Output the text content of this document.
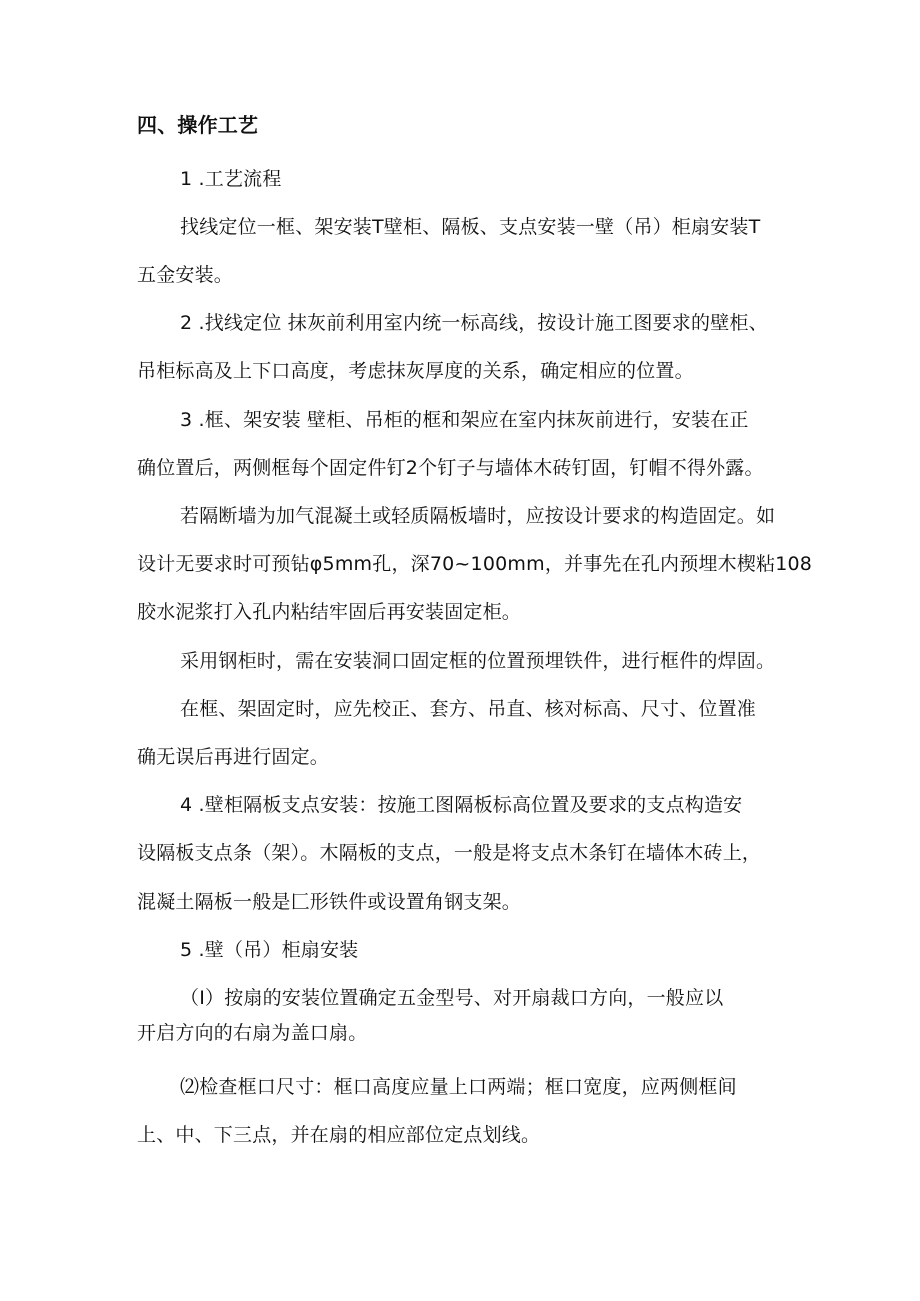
四、操作工艺
1 .工艺流程
找线定位一框、架安装T壁柜、隔板、支点安装一壁（吊）柜扇安装T
五金安装。
2 .找线定位 抹灰前利用室内统一标高线，按设计施工图要求的壁柜、
吊柜标高及上下口高度，考虑抹灰厚度的关系，确定相应的位置。
3 .框、架安装 壁柜、吊柜的框和架应在室内抹灰前进行，安装在正
确位置后，两侧框每个固定件钉2个钉子与墙体木砖钉固，钉帽不得外露。
若隔断墙为加气混凝土或轻质隔板墙时，应按设计要求的构造固定。如
设计无要求时可预钻φ5mm孔，深70~100mm，并事先在孔内预埋木楔粘108
胶水泥浆打入孔内粘结牢固后再安装固定柜。
采用钢柜时，需在安装洞口固定框的位置预埋铁件，进行框件的焊固。
在框、架固定时，应先校正、套方、吊直、核对标高、尺寸、位置准
确无误后再进行固定。
4 .壁柜隔板支点安装：按施工图隔板标高位置及要求的支点构造安
设隔板支点条（架）。木隔板的支点，一般是将支点木条钉在墙体木砖上，
混凝土隔板一般是匚形铁件或设置角钢支架。
5 .壁（吊）柜扇安装
（I）按扇的安装位置确定五金型号、对开扇裁口方向，一般应以
开启方向的右扇为盖口扇。
⑵检查框口尺寸：框口高度应量上口两端；框口宽度，应两侧框间
上、中、下三点，并在扇的相应部位定点划线。
